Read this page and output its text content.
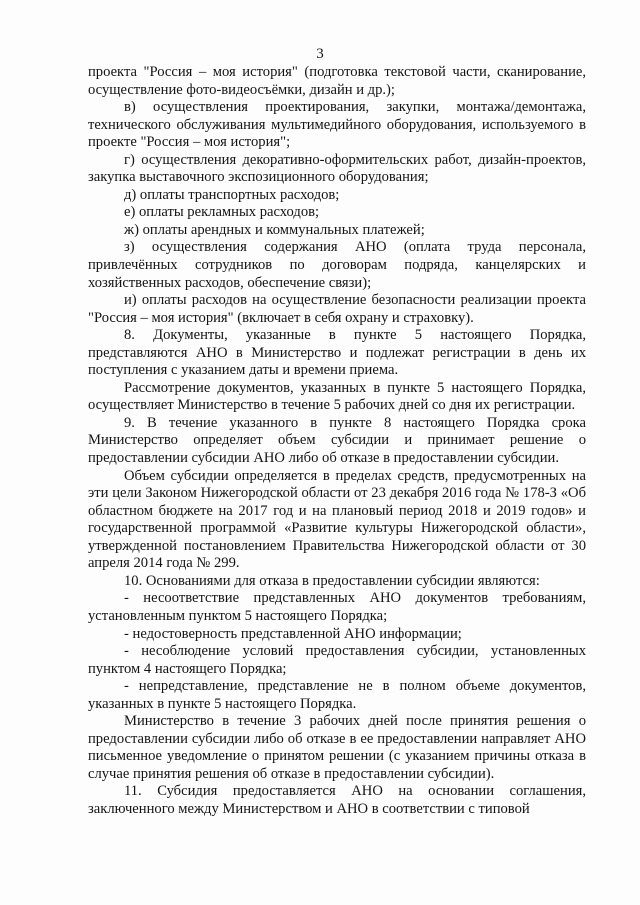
3

проекта "Россия – моя история" (подготовка текстовой части, сканирование, осуществление фото-видеосъёмки, дизайн и др.);

в) осуществления проектирования, закупки, монтажа/демонтажа, технического обслуживания мультимедийного оборудования, используемого в проекте "Россия – моя история";

г) осуществления декоративно-оформительских работ, дизайн-проектов, закупка выставочного экспозиционного оборудования;

д) оплаты транспортных расходов;

е) оплаты рекламных расходов;

ж) оплаты арендных и коммунальных платежей;

з) осуществления содержания АНО (оплата труда персонала, привлечённых сотрудников по договорам подряда, канцелярских и хозяйственных расходов, обеспечение связи);

и) оплаты расходов на осуществление безопасности реализации проекта "Россия – моя история" (включает в себя охрану и страховку).

8. Документы, указанные в пункте 5 настоящего Порядка, представляются АНО в Министерство и подлежат регистрации в день их поступления с указанием даты и времени приема.

Рассмотрение документов, указанных в пункте 5 настоящего Порядка, осуществляет Министерство в течение 5 рабочих дней со дня их регистрации.

9. В течение указанного в пункте 8 настоящего Порядка срока Министерство определяет объем субсидии и принимает решение о предоставлении субсидии АНО либо об отказе в предоставлении субсидии.

Объем субсидии определяется в пределах средств, предусмотренных на эти цели Законом Нижегородской области от 23 декабря 2016 года № 178-З «Об областном бюджете на 2017 год и на плановый период 2018 и 2019 годов» и государственной программой «Развитие культуры Нижегородской области», утвержденной постановлением Правительства Нижегородской области от 30 апреля 2014 года № 299.

10. Основаниями для отказа в предоставлении субсидии являются:

- несоответствие представленных АНО документов требованиям, установленным пунктом 5 настоящего Порядка;

- недостоверность представленной АНО информации;

- несоблюдение условий предоставления субсидии, установленных пунктом 4 настоящего Порядка;

- непредставление, представление не в полном объеме документов, указанных в пункте 5 настоящего Порядка.

Министерство в течение 3 рабочих дней после принятия решения о предоставлении субсидии либо об отказе в ее предоставлении направляет АНО письменное уведомление о принятом решении (с указанием причины отказа в случае принятия решения об отказе в предоставлении субсидии).

11. Субсидия предоставляется АНО на основании соглашения, заключенного между Министерством и АНО в соответствии с типовой
